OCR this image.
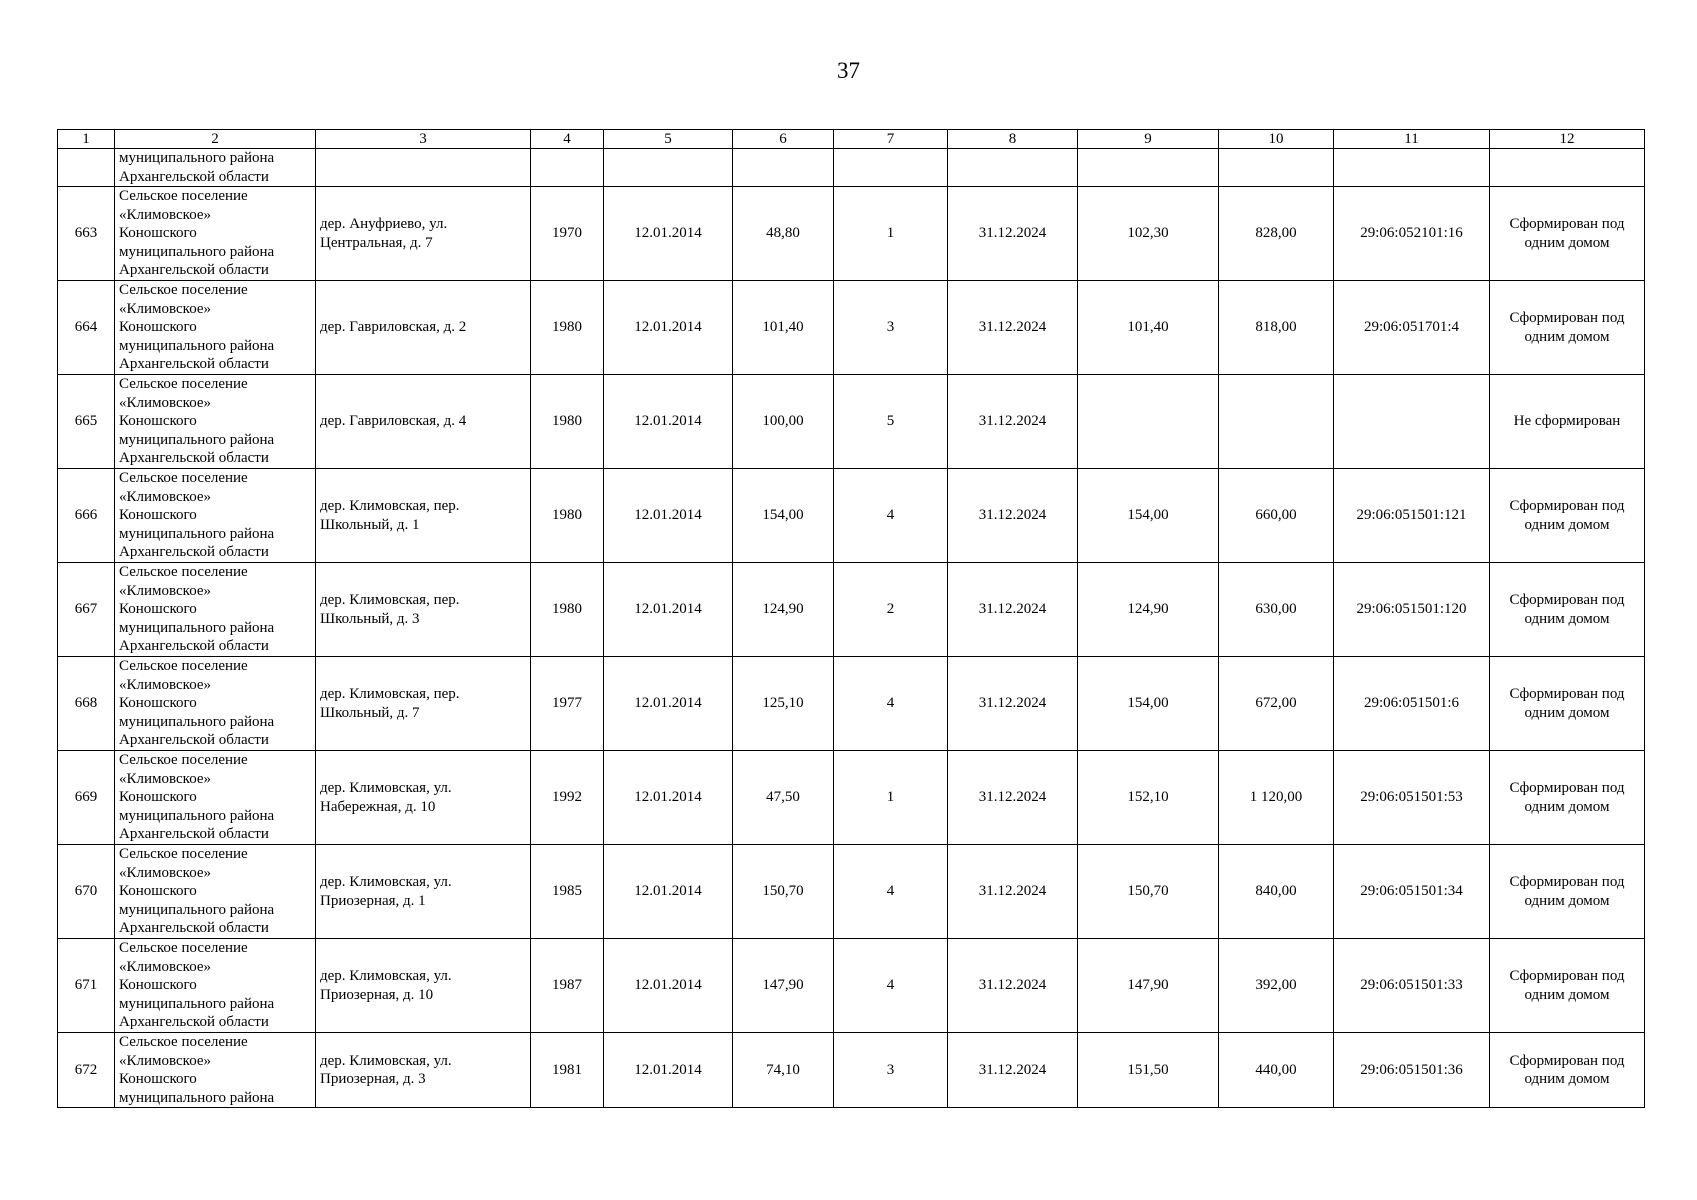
37
1	2	3	4	5	6	7	8	9	10	11	12
	муниципального района
Архангельской области										
663	Сельское поселение
«Климовское»
Коношского
муниципального района
Архангельской области	дер. Ануфриево, ул.
Центральная, д. 7	1970	12.01.2014	48,80	1	31.12.2024	102,30	828,00	29:06:052101:16	Сформирован под
одним домом
664	Сельское поселение
«Климовское»
Коношского
муниципального района
Архангельской области	дер. Гавриловская, д. 2	1980	12.01.2014	101,40	3	31.12.2024	101,40	818,00	29:06:051701:4	Сформирован под
одним домом
665	Сельское поселение
«Климовское»
Коношского
муниципального района
Архангельской области	дер. Гавриловская, д. 4	1980	12.01.2014	100,00	5	31.12.2024				Не сформирован
666	Сельское поселение
«Климовское»
Коношского
муниципального района
Архангельской области	дер. Климовская, пер.
Школьный, д. 1	1980	12.01.2014	154,00	4	31.12.2024	154,00	660,00	29:06:051501:121	Сформирован под
одним домом
667	Сельское поселение
«Климовское»
Коношского
муниципального района
Архангельской области	дер. Климовская, пер.
Школьный, д. 3	1980	12.01.2014	124,90	2	31.12.2024	124,90	630,00	29:06:051501:120	Сформирован под
одним домом
668	Сельское поселение
«Климовское»
Коношского
муниципального района
Архангельской области	дер. Климовская, пер.
Школьный, д. 7	1977	12.01.2014	125,10	4	31.12.2024	154,00	672,00	29:06:051501:6	Сформирован под
одним домом
669	Сельское поселение
«Климовское»
Коношского
муниципального района
Архангельской области	дер. Климовская, ул.
Набережная, д. 10	1992	12.01.2014	47,50	1	31.12.2024	152,10	1 120,00	29:06:051501:53	Сформирован под
одним домом
670	Сельское поселение
«Климовское»
Коношского
муниципального района
Архангельской области	дер. Климовская, ул.
Приозерная, д. 1	1985	12.01.2014	150,70	4	31.12.2024	150,70	840,00	29:06:051501:34	Сформирован под
одним домом
671	Сельское поселение
«Климовское»
Коношского
муниципального района
Архангельской области	дер. Климовская, ул.
Приозерная, д. 10	1987	12.01.2014	147,90	4	31.12.2024	147,90	392,00	29:06:051501:33	Сформирован под
одним домом
672	Сельское поселение
«Климовское»
Коношского
муниципального района	дер. Климовская, ул.
Приозерная, д. 3	1981	12.01.2014	74,10	3	31.12.2024	151,50	440,00	29:06:051501:36	Сформирован под
одним домом
